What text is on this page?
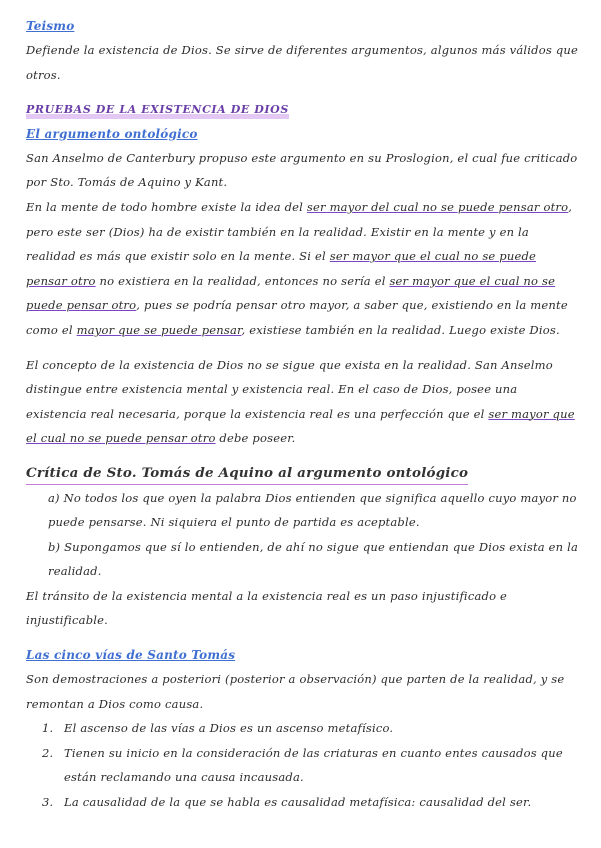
Teismo

Defiende la existencia de Dios. Se sirve de diferentes argumentos, algunos más válidos que otros.

PRUEBAS DE LA EXISTENCIA DE DIOS
El argumento ontológico

San Anselmo de Canterbury propuso este argumento en su Proslogion, el cual fue criticado por Sto. Tomás de Aquino y Kant.

En la mente de todo hombre existe la idea del ser mayor del cual no se puede pensar otro, pero este ser (Dios) ha de existir también en la realidad. Existir en la mente y en la realidad es más que existir solo en la mente. Si el ser mayor que el cual no se puede pensar otro no existiera en la realidad, entonces no sería el ser mayor que el cual no se puede pensar otro, pues se podría pensar otro mayor, a saber que, existiendo en la mente como el mayor que se puede pensar, existiese también en la realidad. Luego existe Dios.

El concepto de la existencia de Dios no se sigue que exista en la realidad. San Anselmo distingue entre existencia mental y existencia real. En el caso de Dios, posee una existencia real necesaria, porque la existencia real es una perfección que el ser mayor que el cual no se puede pensar otro debe poseer.

Crítica de Sto. Tomás de Aquino al argumento ontológico

a) No todos los que oyen la palabra Dios entienden que significa aquello cuyo mayor no puede pensarse. Ni siquiera el punto de partida es aceptable.

b) Supongamos que sí lo entienden, de ahí no sigue que entiendan que Dios exista en la realidad.

El tránsito de la existencia mental a la existencia real es un paso injustificado e injustificable.

Las cinco vías de Santo Tomás

Son demostraciones a posteriori (posterior a observación) que parten de la realidad, y se remontan a Dios como causa.

1. El ascenso de las vías a Dios es un ascenso metafísico.
2. Tienen su inicio en la consideración de las criaturas en cuanto entes causados que están reclamando una causa incausada.
3. La causalidad de la que se habla es causalidad metafísica: causalidad del ser.
